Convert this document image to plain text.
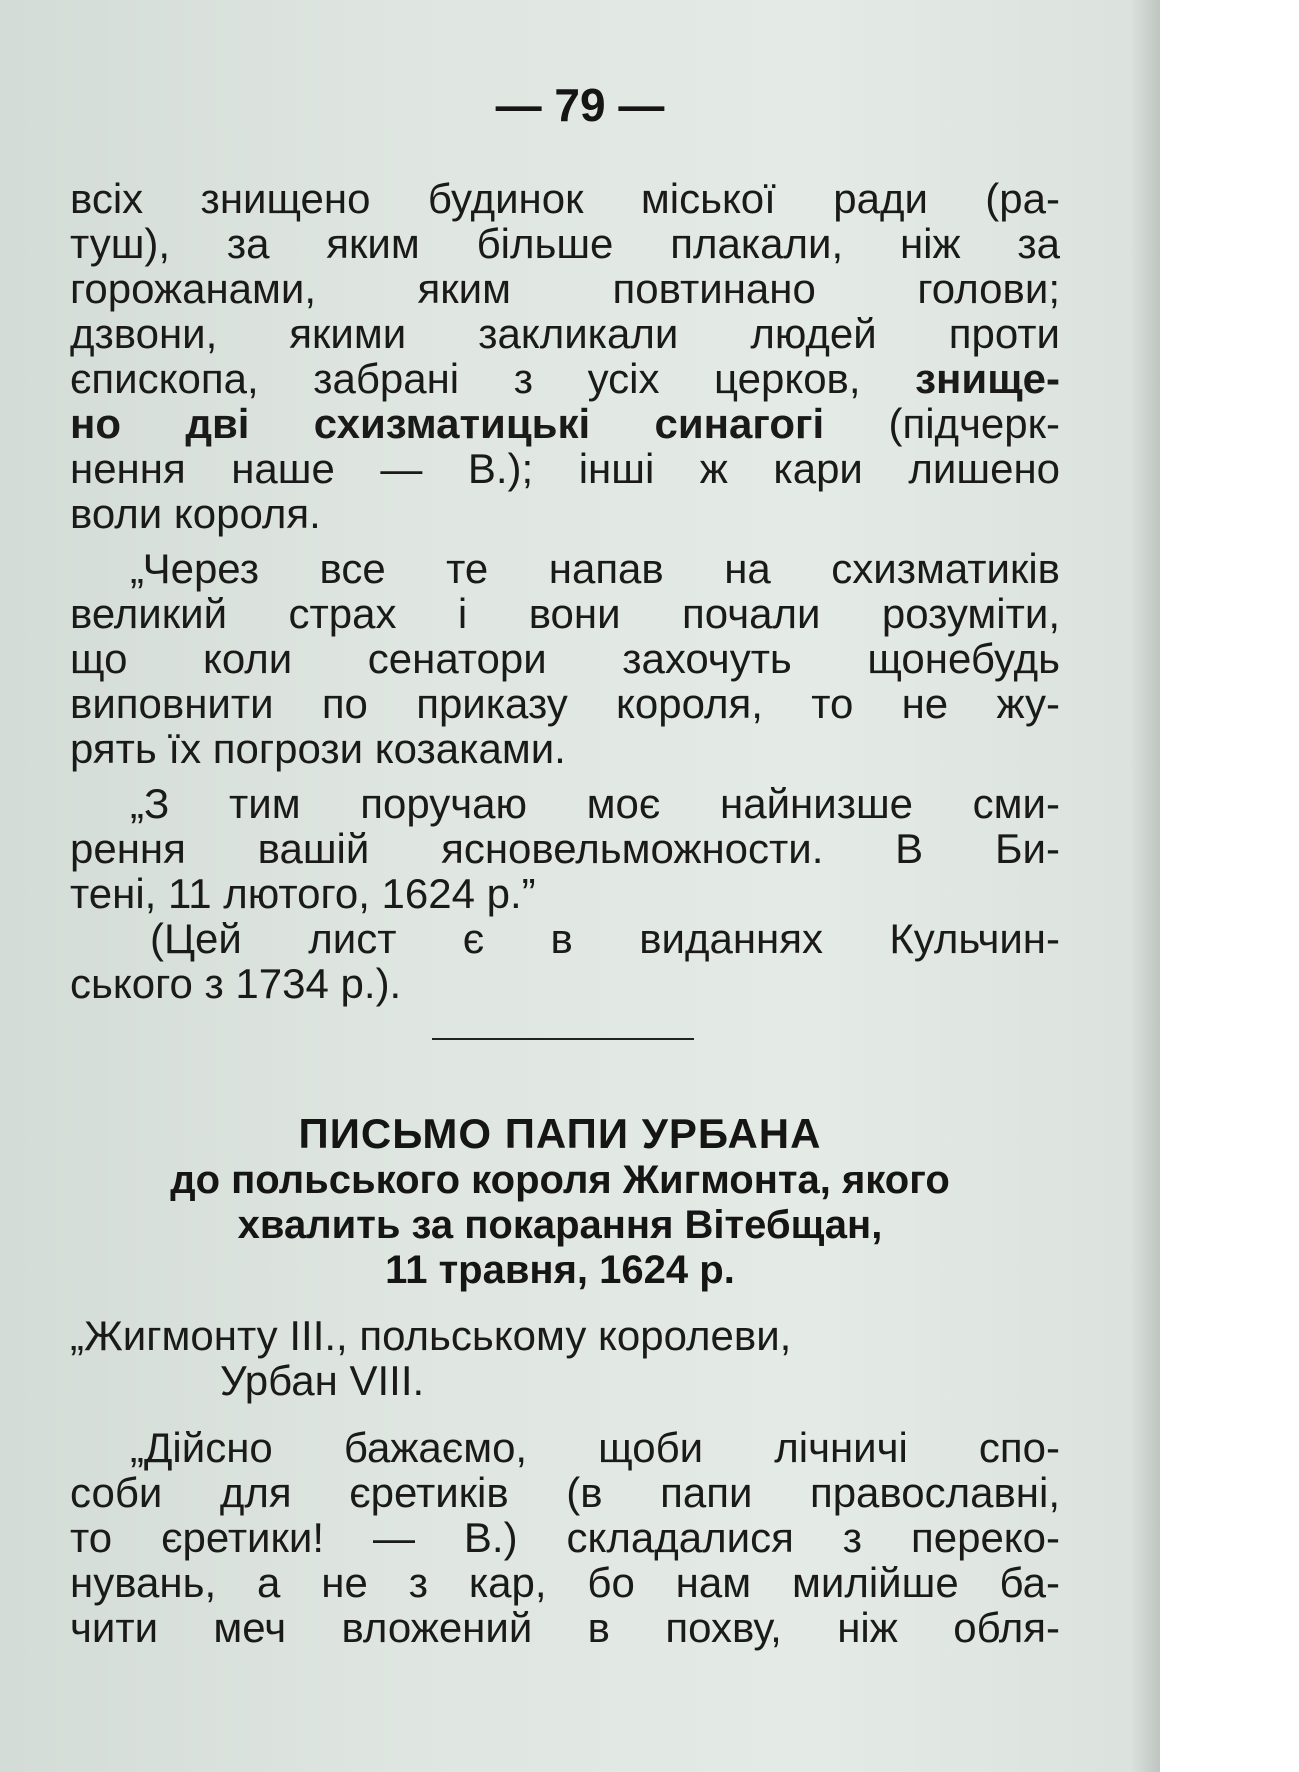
— 79 —
всіх знищено будинок міської ради (ра-
туш), за яким більше плакали, ніж за
горожанами, яким повтинано голови;
дзвони, якими закликали людей проти
єпископа, забрані з усіх церков, знище-
но дві схизматицькі синагогі (підчерк-
нення наше — В.); інші ж кари лишено
воли короля.
„Через все те напав на схизматиків
великий страх і вони почали розуміти,
що коли сенатори захочуть щонебудь
виповнити по приказу короля, то не жу-
рять їх погрози козаками.
„З тим поручаю моє найнизше сми-
рення вашій ясновельможности. В Би-
тені, 11 лютого, 1624 р.”
(Цей лист є в виданнях Кульчин-
ського з 1734 р.).
ПИСЬМО ПАПИ УРБАНА
до польського короля Жигмонта, якого
хвалить за покарання Вітебщан,
11 травня, 1624 р.
„Жигмонту III., польському королеви,
Урбан VIII.
„Дійсно бажаємо, щоби лічничі спо-
соби для єретиків (в папи православні,
то єретики! — В.) складалися з переко-
нувань, а не з кар, бо нам милійше ба-
чити меч вложений в похву, ніж обля-
